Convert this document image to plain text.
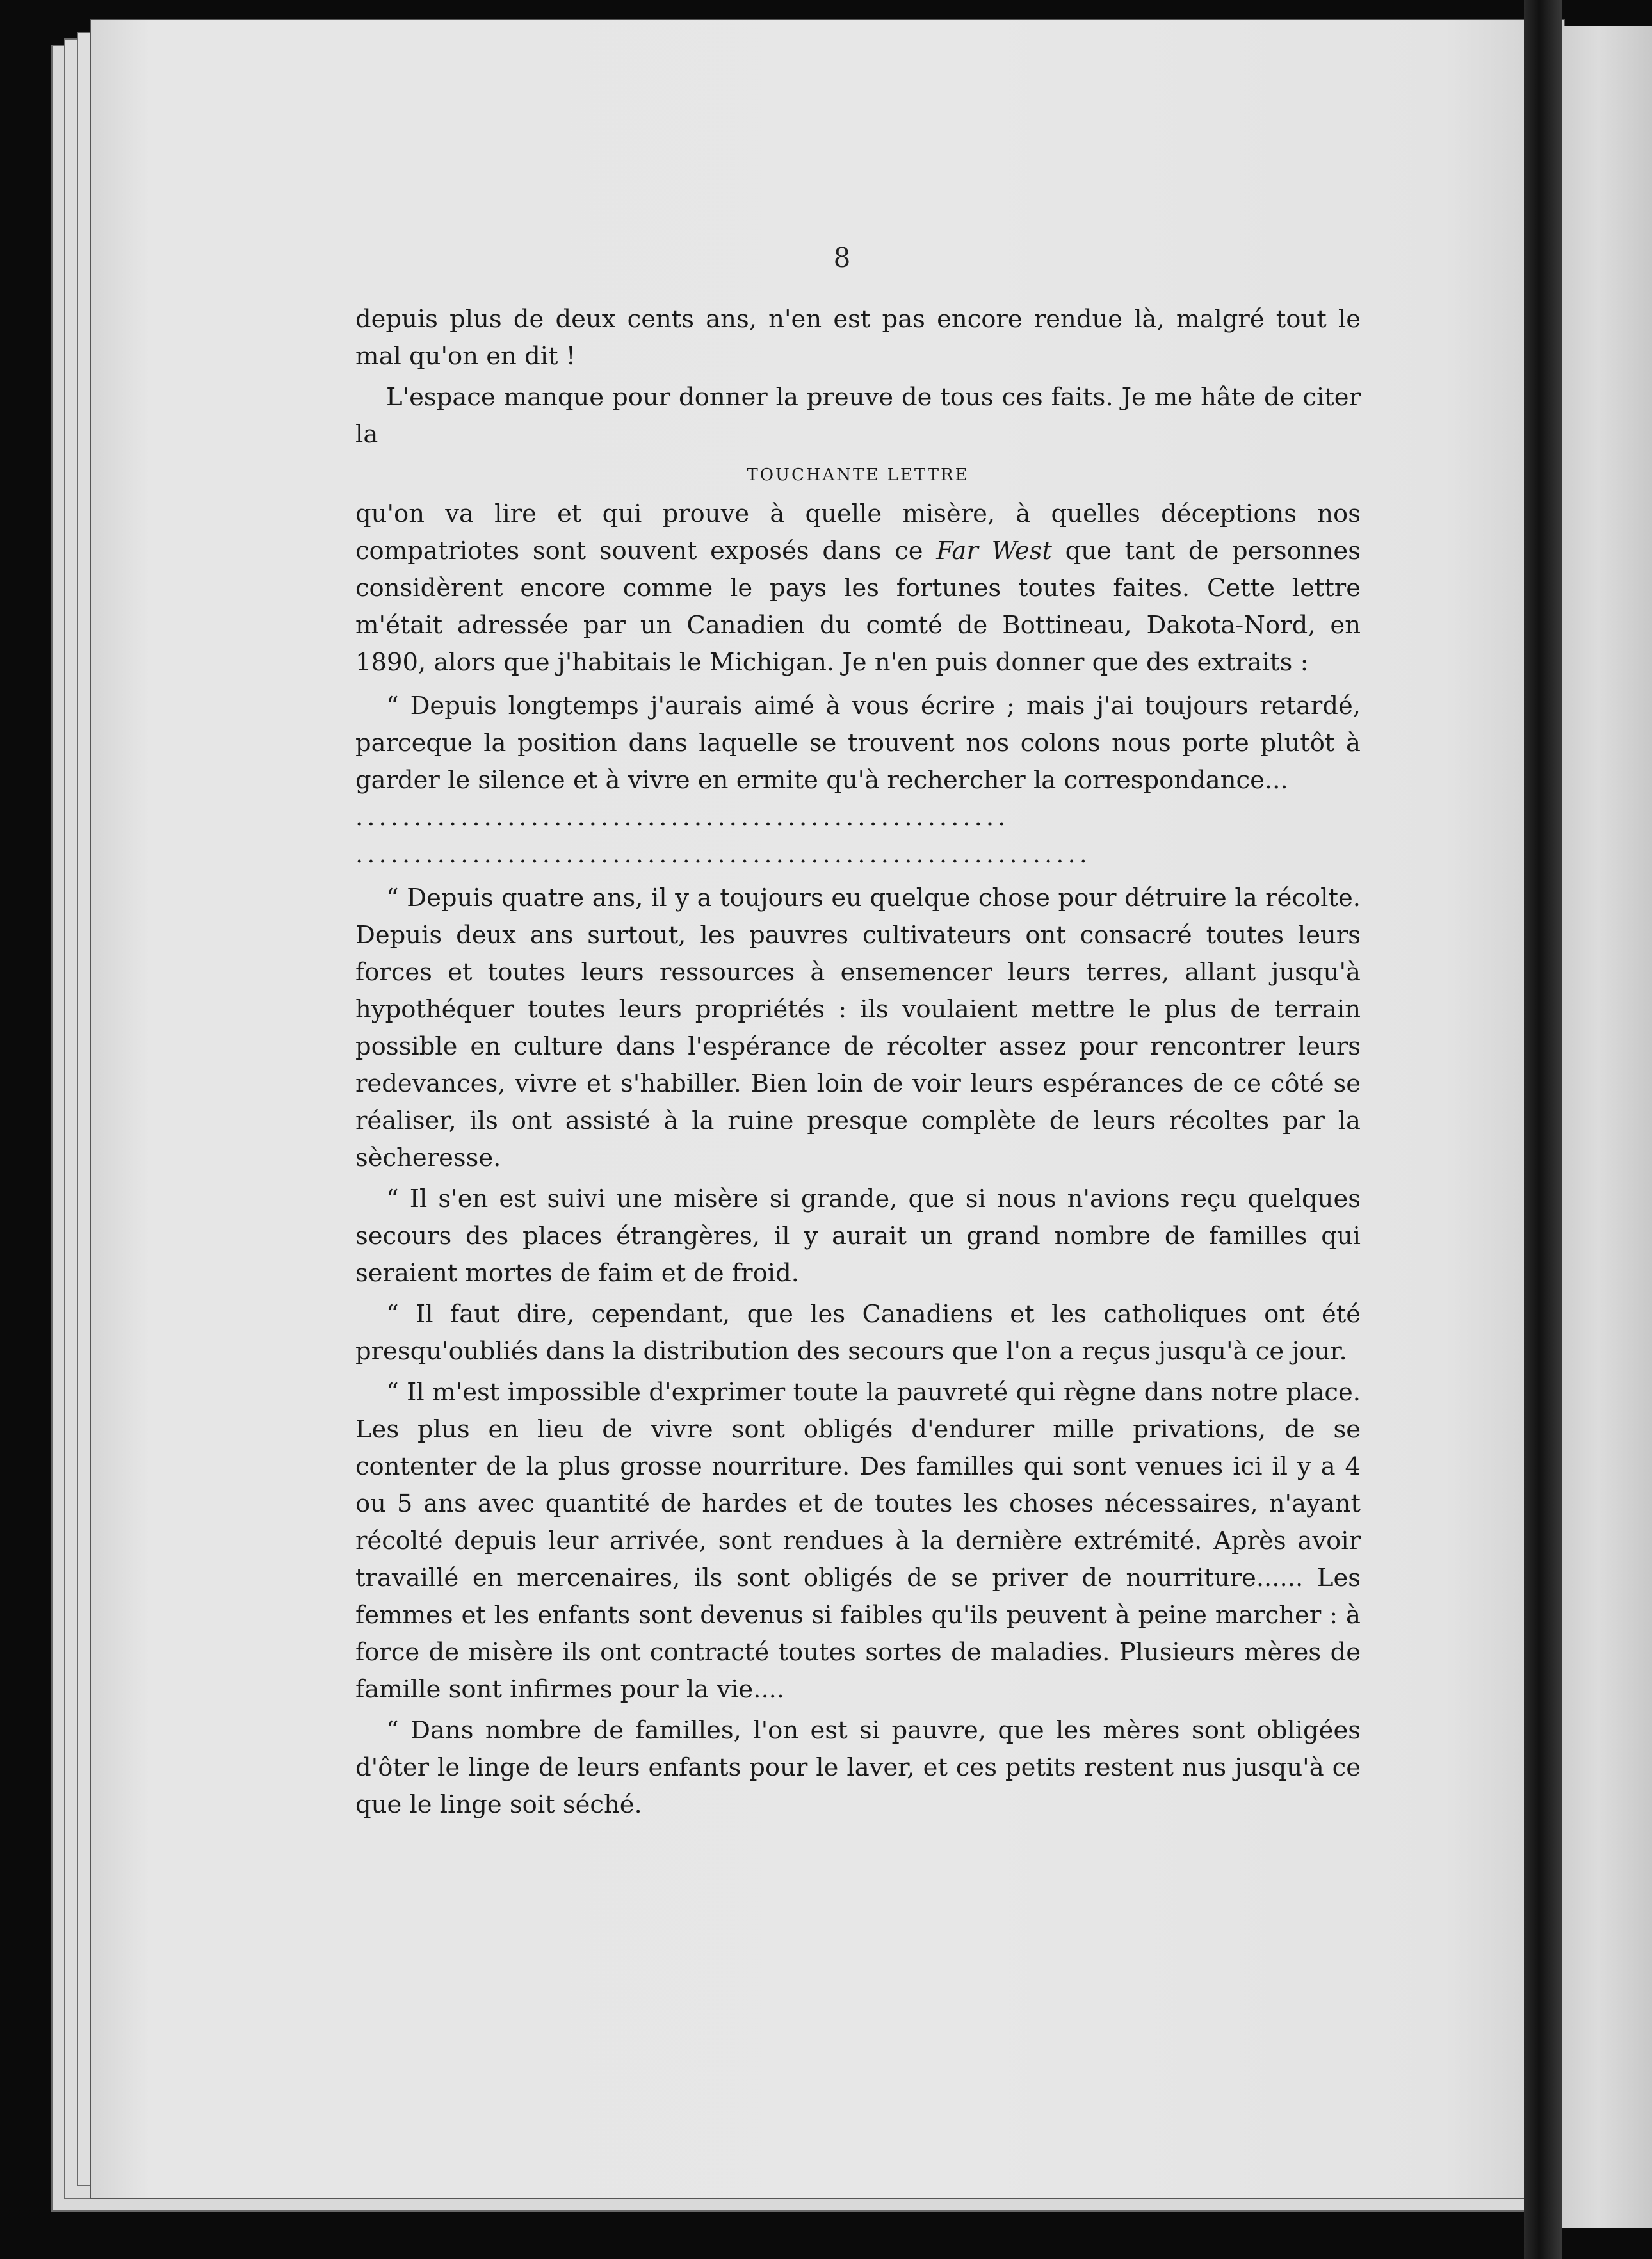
8

depuis plus de deux cents ans, n'en est pas encore rendue là, malgré tout le mal qu'on en dit !

L'espace manque pour donner la preuve de tous ces faits. Je me hâte de citer la

TOUCHANTE LETTRE

qu'on va lire et qui prouve à quelle misère, à quelles déceptions nos compatriotes sont souvent exposés dans ce Far West que tant de personnes considèrent encore comme le pays les fortunes toutes faites. Cette lettre m'était adressée par un Canadien du comté de Bottineau, Dakota-Nord, en 1890, alors que j'habitais le Michigan. Je n'en puis donner que des extraits :

“ Depuis longtemps j'aurais aimé à vous écrire ; mais j'ai toujours retardé, parceque la position dans laquelle se trouvent nos colons nous porte plutôt à garder le silence et à vivre en ermite qu'à rechercher la correspondance...

........................................................
...............................................................

“ Depuis quatre ans, il y a toujours eu quelque chose pour détruire la récolte. Depuis deux ans surtout, les pauvres cultivateurs ont consacré toutes leurs forces et toutes leurs ressources à ensemencer leurs terres, allant jusqu'à hypothéquer toutes leurs propriétés : ils voulaient mettre le plus de terrain possible en culture dans l'espérance de récolter assez pour rencontrer leurs redevances, vivre et s'habiller. Bien loin de voir leurs espérances de ce côté se réaliser, ils ont assisté à la ruine presque complète de leurs récoltes par la sècheresse.

“ Il s'en est suivi une misère si grande, que si nous n'avions reçu quelques secours des places étrangères, il y aurait un grand nombre de familles qui seraient mortes de faim et de froid.

“ Il faut dire, cependant, que les Canadiens et les catholiques ont été presqu'oubliés dans la distribution des secours que l'on a reçus jusqu'à ce jour.

“ Il m'est impossible d'exprimer toute la pauvreté qui règne dans notre place. Les plus en lieu de vivre sont obligés d'endurer mille privations, de se contenter de la plus grosse nourriture. Des familles qui sont venues ici il y a 4 ou 5 ans avec quantité de hardes et de toutes les choses nécessaires, n'ayant récolté depuis leur arrivée, sont rendues à la dernière extrémité. Après avoir travaillé en mercenaires, ils sont obligés de se priver de nourriture...... Les femmes et les enfants sont devenus si faibles qu'ils peuvent à peine marcher : à force de misère ils ont contracté toutes sortes de maladies. Plusieurs mères de famille sont infirmes pour la vie....

“ Dans nombre de familles, l'on est si pauvre, que les mères sont obligées d'ôter le linge de leurs enfants pour le laver, et ces petits restent nus jusqu'à ce que le linge soit séché.
